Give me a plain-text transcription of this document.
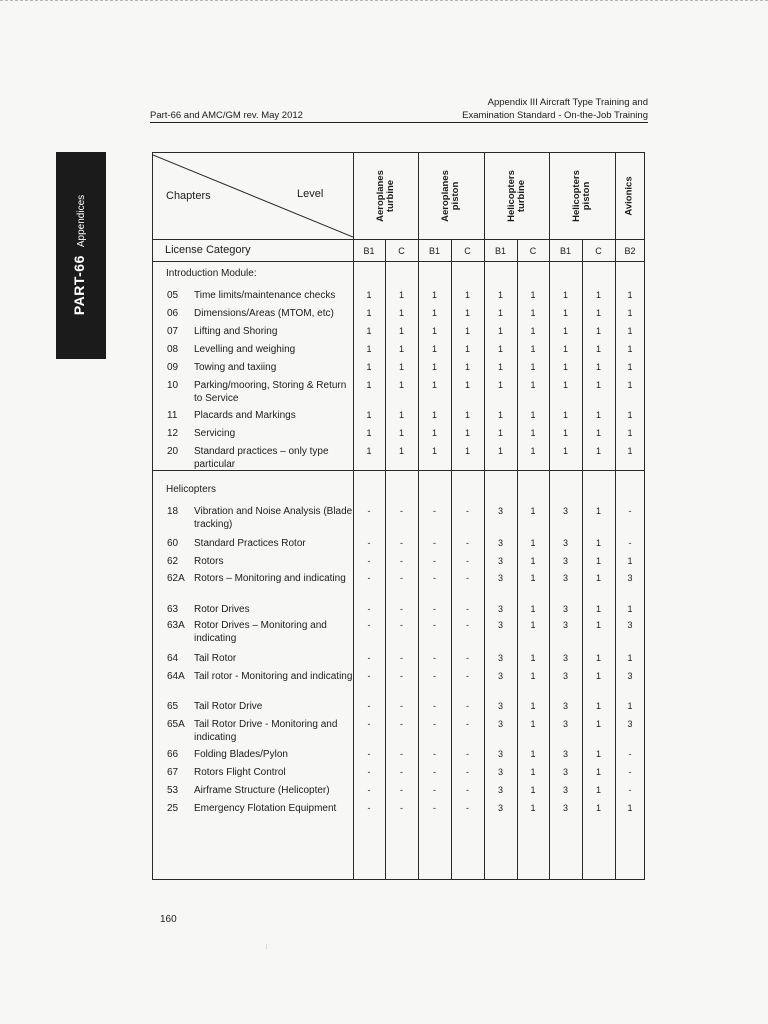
Part-66 and AMC/GM rev. May 2012
Appendix III Aircraft Type Training and
Examination Standard - On-the-Job Training
PART-66Appendices	Chapters	Level
License Category
Aeroplanes turbine	Aeroplanes piston	Helicopters turbine	Helicopters piston	Avionics
B1	C	B1	C	B1	C	B1	C	B2
Introduction Module:
05 Time limits/maintenance checks	1	1	1	1	1	1	1	1	1
06 Dimensions/Areas (MTOM, etc)	1	1	1	1	1	1	1	1	1
07 Lifting and Shoring	1	1	1	1	1	1	1	1	1
08 Levelling and weighing	1	1	1	1	1	1	1	1	1
09 Towing and taxiing	1	1	1	1	1	1	1	1	1
10 Parking/mooring, Storing & Return to Service
1	1	1	1	1	1	1	1	1
11 Placards and Markings	1	1	1	1	1	1	1	1	1
12 Servicing	1	1	1	1	1	1	1	1	1
20 Standard practices – only type particular
1	1	1	1	1	1	1	1	1
Helicopters
18 Vibration and Noise Analysis (Blade tracking)
-	-	-	-	3	1	3	1	-
60 Standard Practices Rotor	-	-	-	-	3	1	3	1	-
62 Rotors	-	-	-	-	3	1	3	1	1
62A Rotors – Monitoring and indicating	-	-	-	-	3	1	3	1	3
63 Rotor Drives	-	-	-	-	3	1	3	1	1
63A Rotor Drives – Monitoring and indicating
-	-	-	-	3	1	3	1	3
64 Tail Rotor	-	-	-	-	3	1	3	1	1
64A Tail rotor - Monitoring and indicating	-	-	-	-	3	1	3	1	3
65 Tail Rotor Drive	-	-	-	-	3	1	3	1	1
65A Tail Rotor Drive - Monitoring and indicating
-	-	-	-	3	1	3	1	3
66 Folding Blades/Pylon	-	-	-	-	3	1	3	1	-
67 Rotors Flight Control	-	-	-	-	3	1	3	1	-
53 Airframe Structure (Helicopter)	-	-	-	-	3	1	3	1	-
25 Emergency Flotation Equipment	-	-	-	-	3	1	3	1	1
160
